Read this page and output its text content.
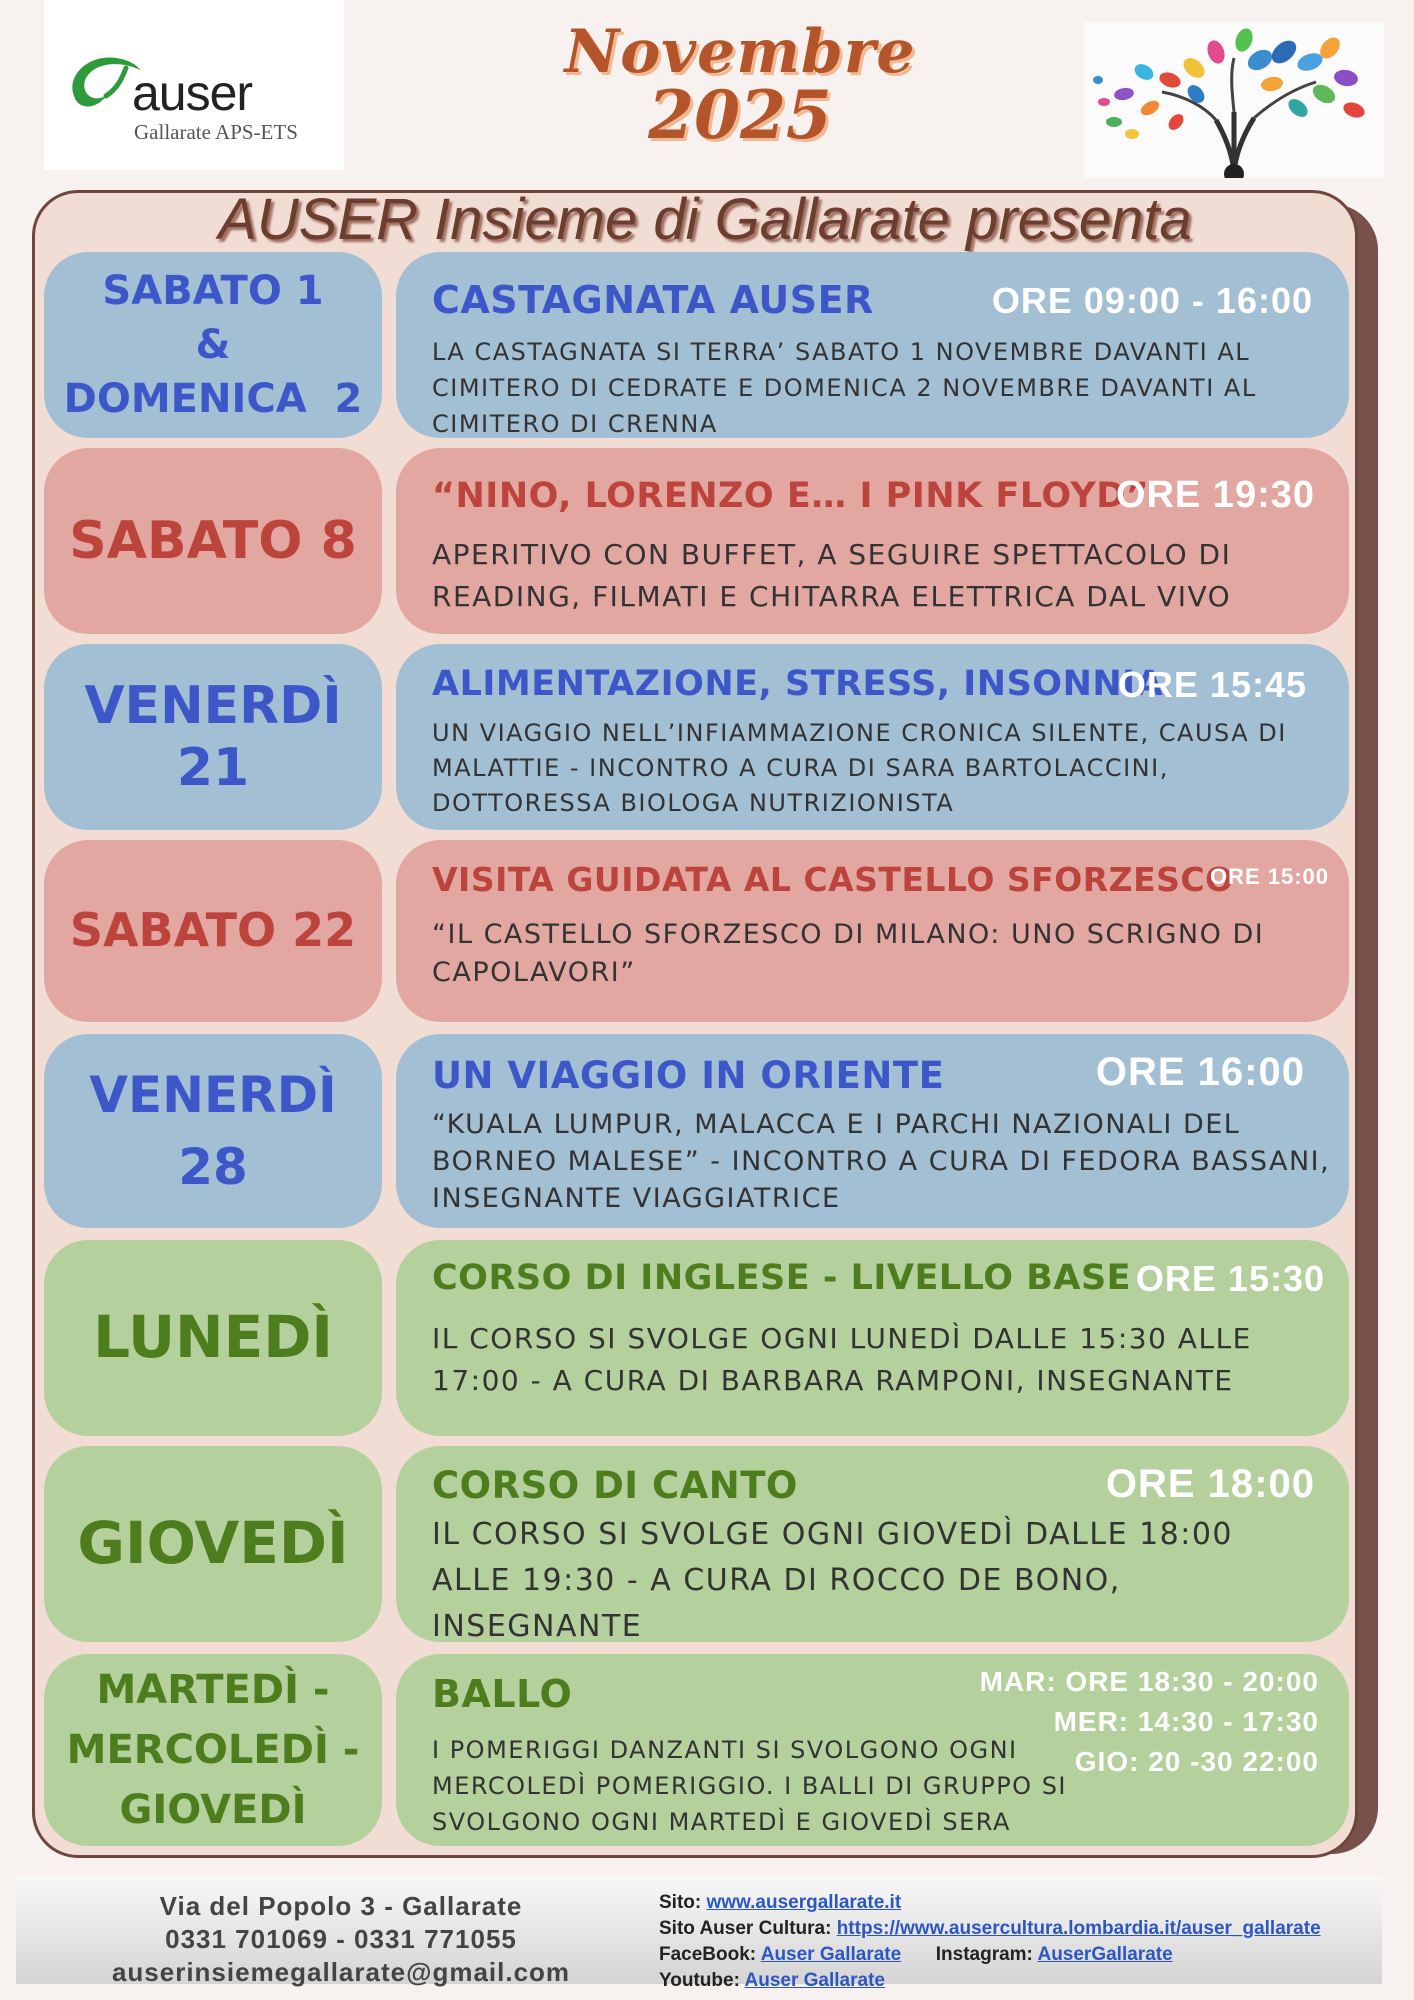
auser
Gallarate APS-ETS
Novembre
2025
AUSER Insieme di Gallarate presenta
SABATO 1
&
DOMENICA  2
CASTAGNATA AUSER	ORE 09:00 - 16:00
LA CASTAGNATA SI TERRA’ SABATO 1 NOVEMBRE DAVANTI AL CIMITERO DI CEDRATE E DOMENICA 2 NOVEMBRE DAVANTI AL CIMITERO DI CRENNA
SABATO 8
“NINO, LORENZO E… I PINK FLOYD”
ORE 19:30
APERITIVO CON BUFFET, A SEGUIRE SPETTACOLO DI READING, FILMATI E CHITARRA ELETTRICA DAL VIVO
VENERDÌ 21
ALIMENTAZIONE, STRESS, INSONNIA
ORE 15:45
UN VIAGGIO NELL’INFIAMMAZIONE CRONICA SILENTE, CAUSA DI MALATTIE - INCONTRO A CURA DI SARA BARTOLACCINI, DOTTORESSA BIOLOGA NUTRIZIONISTA
SABATO 22
VISITA GUIDATA AL CASTELLO SFORZESCO
ORE 15:00
“IL CASTELLO SFORZESCO DI MILANO: UNO SCRIGNO DI CAPOLAVORI”
VENERDÌ
28
UN VIAGGIO IN ORIENTE	ORE 16:00
“KUALA LUMPUR, MALACCA E I PARCHI NAZIONALI DEL BORNEO MALESE” - INCONTRO A CURA DI FEDORA BASSANI, INSEGNANTE VIAGGIATRICE
LUNEDÌ
CORSO DI INGLESE - LIVELLO BASE ORE 15:30
IL CORSO SI SVOLGE OGNI LUNEDÌ DALLE 15:30 ALLE 17:00 - A CURA DI BARBARA RAMPONI, INSEGNANTE
GIOVEDÌ
CORSO DI CANTO	ORE 18:00
IL CORSO SI SVOLGE OGNI GIOVEDÌ DALLE 18:00 ALLE 19:30 - A CURA DI ROCCO DE BONO, INSEGNANTE
MARTEDÌ -
MERCOLEDÌ -
GIOVEDÌ
BALLO
I POMERIGGI DANZANTI SI SVOLGONO OGNI MERCOLEDÌ POMERIGGIO. I BALLI DI GRUPPO SI SVOLGONO OGNI MARTEDÌ E GIOVEDÌ SERA
MAR: ORE 18:30 - 20:00
MER: 14:30 - 17:30
GIO: 20 -30 22:00
Via del Popolo 3 - Gallarate
0331 701069 - 0331 771055
auserinsiemegallarate@gmail.com
Sito: www.ausergallarate.it
Sito Auser Cultura: https://www.ausercultura.lombardia.it/auser_gallarate
FaceBook: Auser Gallarate Instagram: AuserGallarate
Youtube: Auser Gallarate
